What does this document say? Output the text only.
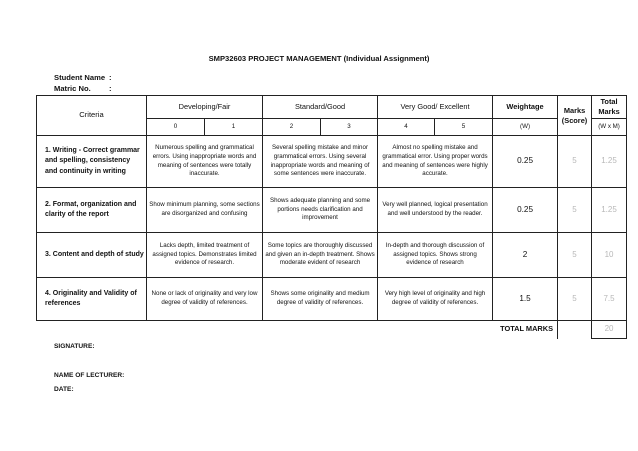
SMP32603 PROJECT MANAGEMENT (Individual Assignment)
Student Name :
Matric No. :
Criteria	Developing/Fair		Standard/Good		Very Good/ Excellent		Weightage	Marks (Score)	Total Marks
	0	1	2	3	4	5	(W)		(W x M)
1. Writing - Correct grammar and spelling, consistency and continuity in writing	Numerous spelling and grammatical errors. Using inappropriate words and meaning of sentences were totally inaccurate.		Several spelling mistake and minor grammatical errors. Using several inappropriate words and meaning of some sentences were inaccurate.		Almost no spelling mistake and grammatical error. Using proper words and meaning of sentences were highly accurate.		0.25	5	1.25
2. Format, organization and clarity of the report	Show minimum planning, some sections are disorganized and confusing		Shows adequate planning and some portions needs clarification and improvement		Very well planned, logical presentation and well understood by the reader.		0.25	5	1.25
3. Content and depth of study	Lacks depth, limited treatment of assigned topics. Demonstrates limited evidence of research.		Some topics are thoroughly discussed and given an in-depth treatment. Shows moderate evident of research		In-depth and thorough discussion of assigned topics. Shows strong evidence of research		2	5	10
4. Originality and Validity of references	None or lack of originality and very low degree of validity of references.		Shows some originality and medium degree of validity of references.		Very high level of originality and high degree of validity of references.		1.5	5	7.5
TOTAL MARKS									20
SIGNATURE:
NAME OF LECTURER:
DATE:
